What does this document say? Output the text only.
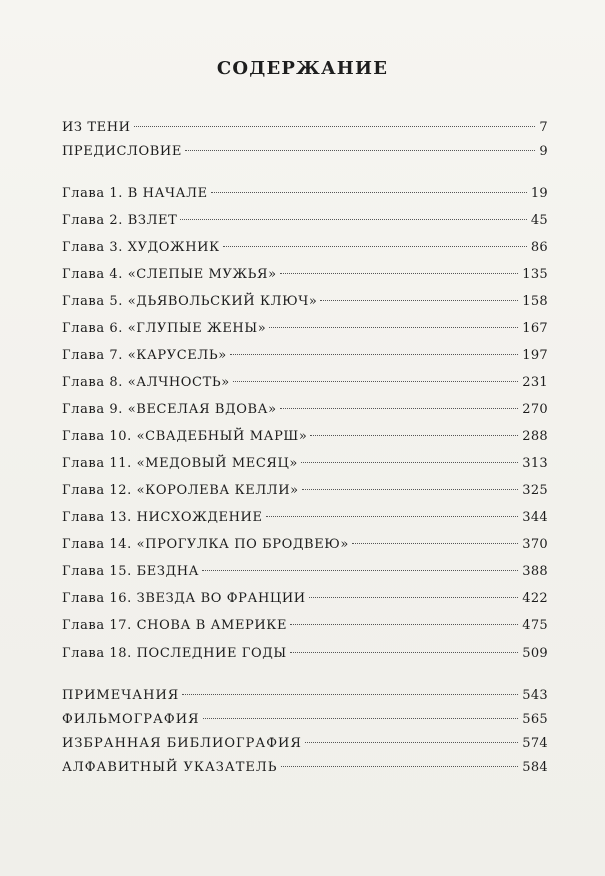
СОДЕРЖАНИЕ
ИЗ ТЕНИ	7
ПРЕДИСЛОВИЕ	9
Глава 1. В НАЧАЛЕ	19
Глава 2. ВЗЛЕТ	45
Глава 3. ХУДОЖНИК	86
Глава 4. «СЛЕПЫЕ МУЖЬЯ»	135
Глава 5. «ДЬЯВОЛЬСКИЙ КЛЮЧ»	158
Глава 6. «ГЛУПЫЕ ЖЕНЫ»	167
Глава 7. «КАРУСЕЛЬ»	197
Глава 8. «АЛЧНОСТЬ»	231
Глава 9. «ВЕСЕЛАЯ ВДОВА»	270
Глава 10. «СВАДЕБНЫЙ МАРШ»	288
Глава 11. «МЕДОВЫЙ МЕСЯЦ»	313
Глава 12. «КОРОЛЕВА КЕЛЛИ»	325
Глава 13. НИСХОЖДЕНИЕ	344
Глава 14. «ПРОГУЛКА ПО БРОДВЕЮ»	370
Глава 15. БЕЗДНА	388
Глава 16. ЗВЕЗДА ВО ФРАНЦИИ	422
Глава 17. СНОВА В АМЕРИКЕ	475
Глава 18. ПОСЛЕДНИЕ ГОДЫ	509
ПРИМЕЧАНИЯ	543
ФИЛЬМОГРАФИЯ	565
ИЗБРАННАЯ БИБЛИОГРАФИЯ	574
АЛФАВИТНЫЙ УКАЗАТЕЛЬ	584
